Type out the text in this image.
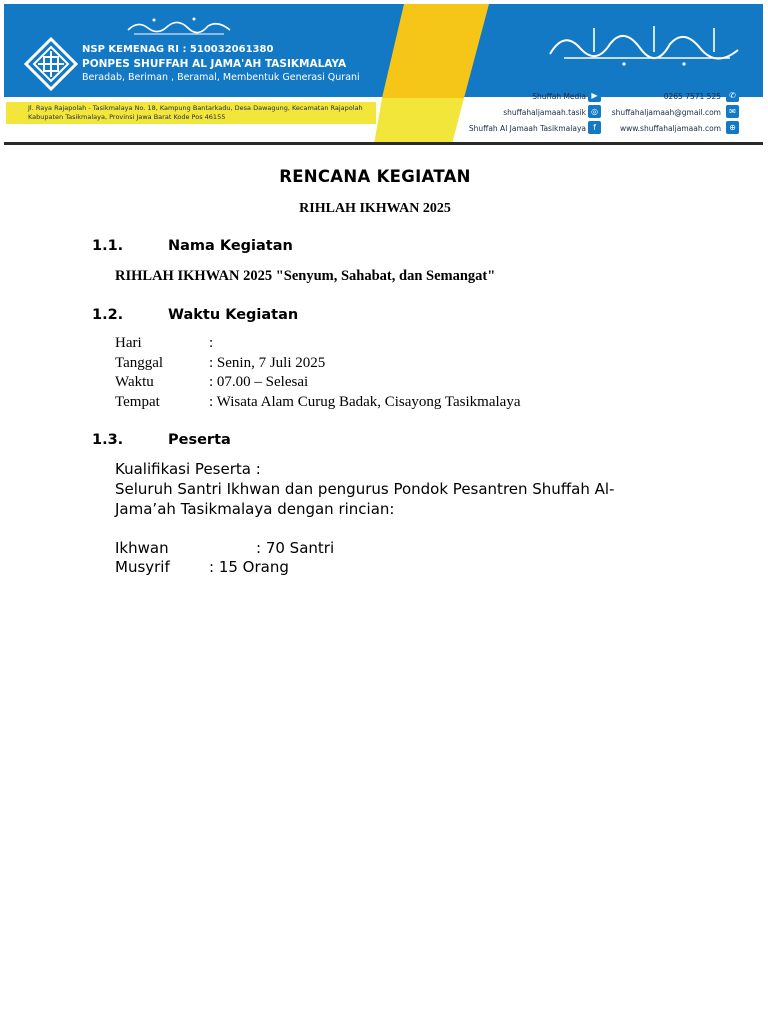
NSP KEMENAG RI : 510032061380
PONPES SHUFFAH AL JAMA'AH TASIKMALAYA
Beradab, Beriman , Beramal, Membentuk Generasi Qurani
Jl. Raya Rajapolah - Tasikmalaya No. 18, Kampung Bantarkadu, Desa Dawagung, Kecamatan Rajapolah
Kabupaten Tasikmalaya, Provinsi Jawa Barat Kode Pos 46155
Shuffah Media ▶
shuffahaljamaah.tasik ◎
Shuffah Al Jamaah Tasikmalaya f
0265 7571 525	✆
shuffahaljamaah@gmail.com	✉
www.shuffahaljamaah.com	⊕
RENCANA KEGIATAN
RIHLAH IKHWAN 2025
1.1.	Nama Kegiatan
RIHLAH IKHWAN 2025 "Senyum, Sahabat, dan Semangat"
1.2.	Waktu Kegiatan
Hari	:
Tanggal	: Senin, 7 Juli 2025
Waktu	: 07.00 – Selesai
Tempat	: Wisata Alam Curug Badak, Cisayong Tasikmalaya
1.3.	Peserta
Kualifikasi Peserta :
Seluruh Santri Ikhwan dan pengurus Pondok Pesantren Shuffah Al-
Jama’ah Tasikmalaya dengan rincian:
Ikhwan	: 70 Santri
Musyrif	: 15 Orang
